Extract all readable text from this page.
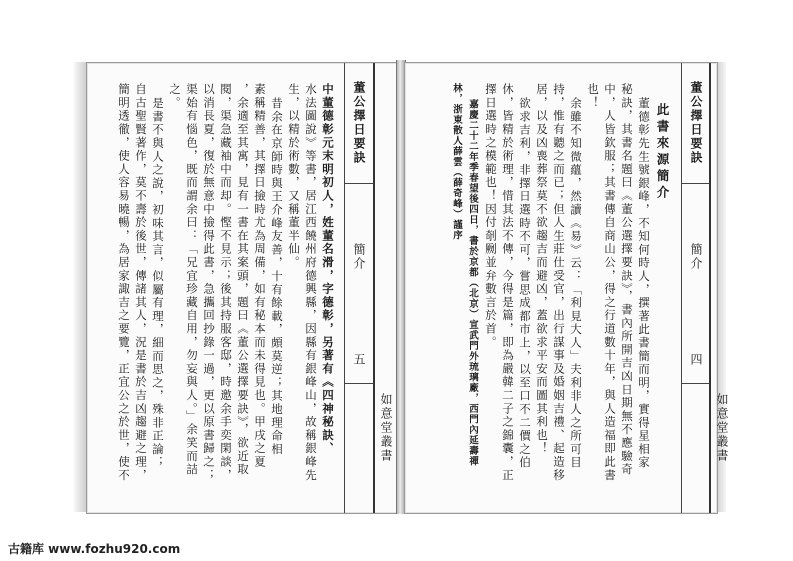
中董德彰元末明初人，姓董名滑，字德彰，另著有《四神秘訣、
水法圖說》等書，居江西饒州府德興縣，因縣有銀峰山，故稱銀峰先
生，以精於術數，又稱董半仙。
昔余在京師時與王介峰友善，十有餘載，頗莫逆；其地理命相
素稱精善，其擇日撿時尤為周備，如有秘本而未得見也。甲戌之夏
，余適至其寓，見有一書在其案頭，題曰《董公選擇要訣》，欲近取
閱，渠急藏袖中而却。慳不見示；後其持服客邸，時邀余手奕閑談，
以消長夏，復於無意中撿得此書，急攜回抄錄一過，更以原書歸之；
渠始有惱色，既而謂余曰：「兄宜珍藏自用，勿妄與人。」余笑而詰
之。
是書不與人之說，初味其言，似屬有理，細而思之，殊非正論；
自古聖賢著作，莫不壽於後世，傳諸其人，況是書於吉凶趨避之理，
簡明透徹，使人容易曉暢，為居家諏吉之要覽，正宜公之於世，使不	董公擇日要訣
簡介
五
如意堂叢書
此書來源簡介
董德彰先生號銀峰，不知何時人，撰著此書簡而明，實得星相家
秘訣，其書名題曰《董公選擇要訣》，書內所開吉凶日期無不應驗奇
中，人皆欽服；其書傳自商山公，得之行道數十年，與人造福即此書
也！
余雖不知微蘊，然讀《易》云：「利見大人」夫利非人之所可目
持，惟有聽之而已；但人生莊仕受官，出行謀事及婚姻吉禮、起造移
居，以及凶喪葬祭莫不欲趨吉而避凶，蓋欲求平安而圖其利也！
欲求吉利，非擇日選時不可，嘗思成都市上，以至口不二價之伯
休，皆精於術理，惜其法不傳，今得是篇，即為嚴韓二子之錦囊，正
擇日選時之模範也！因付剞劂並弁數言於首。
嘉慶二十二年季春望後四日，書於京都（北京）宣武門外琉璃廠，西門內延壽禪
林，浙東散人薛雲（薛奇峰）謹序	董公擇日要訣
簡介
四
如意堂叢書
古籍库 www.fozhu920.com
